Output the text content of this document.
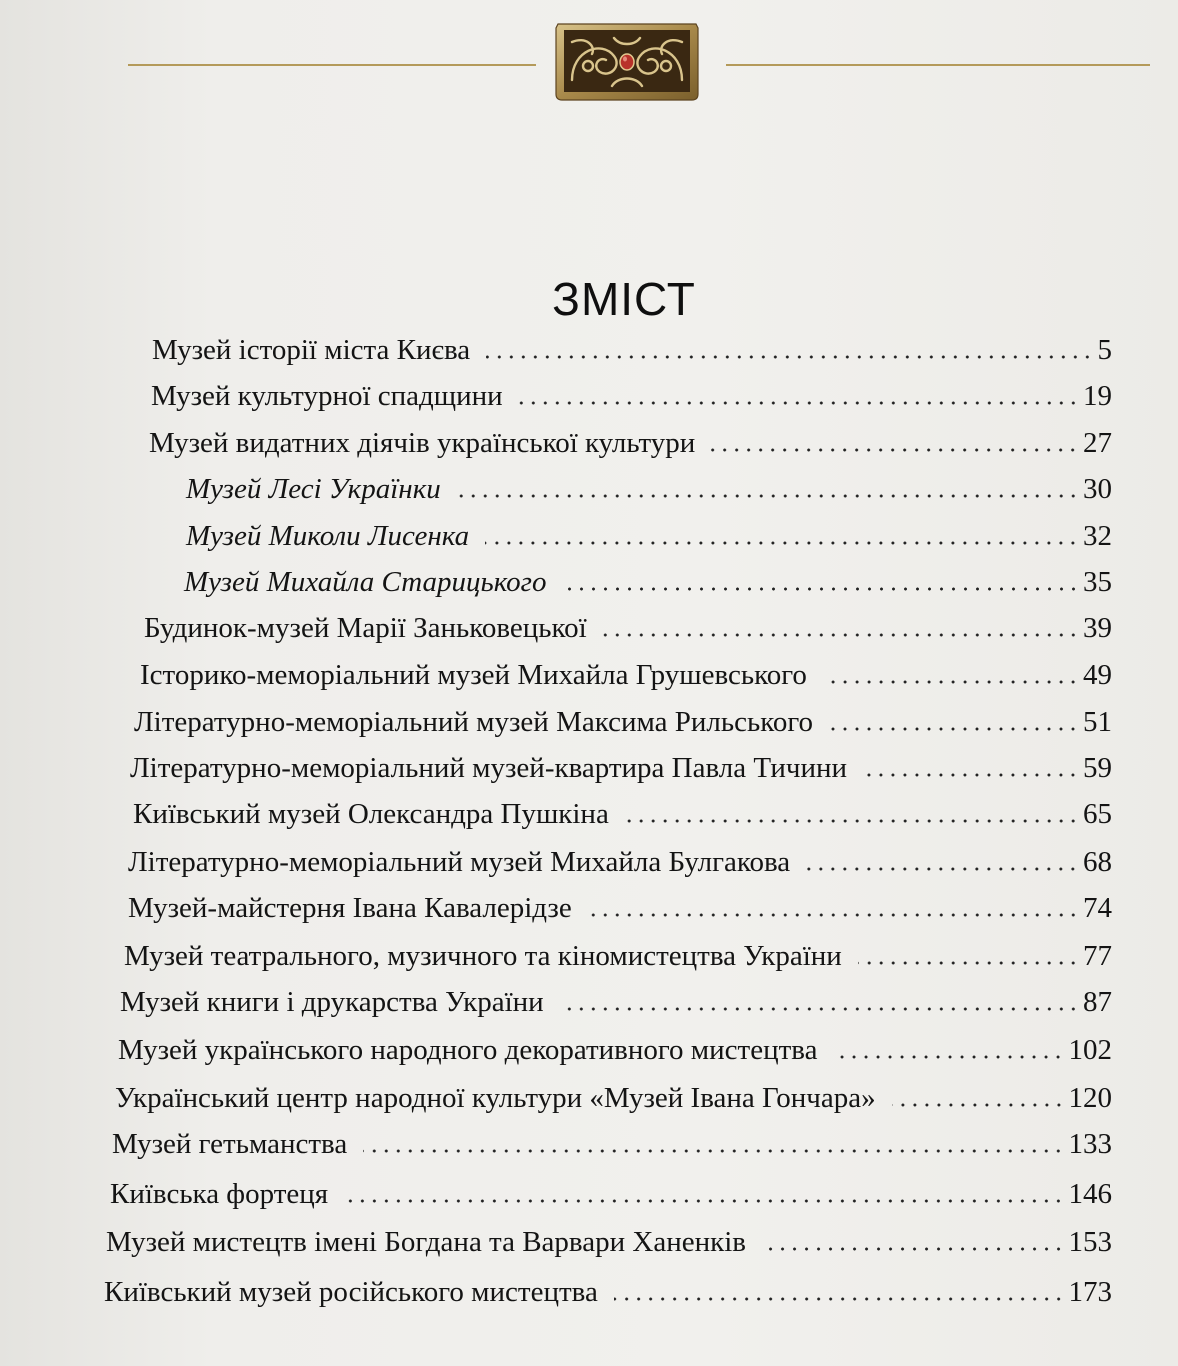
ЗМІСТ
Музей історії міста Києва	5
Музей культурної спадщини	19
Музей видатних діячів української культури	27
Музей Лесі Українки	30
Музей Миколи Лисенка	32
Музей Михайла Старицького	35
Будинок-музей Марії Заньковецької	39
Історико-меморіальний музей Михайла Грушевського	49
Літературно-меморіальний музей Максима Рильського	51
Літературно-меморіальний музей-квартира Павла Тичини	59
Київський музей Олександра Пушкіна	65
Літературно-меморіальний музей Михайла Булгакова	68
Музей-майстерня Івана Кавалерідзе	74
Музей театрального, музичного та кіномистецтва України	77
Музей книги і друкарства України	87
Музей українського народного декоративного мистецтва	102
Український центр народної культури «Музей Івана Гончара»	120
Музей гетьманства	133
Київська фортеця	146
Музей мистецтв імені Богдана та Варвари Ханенків	153
Київський музей російського мистецтва	173
